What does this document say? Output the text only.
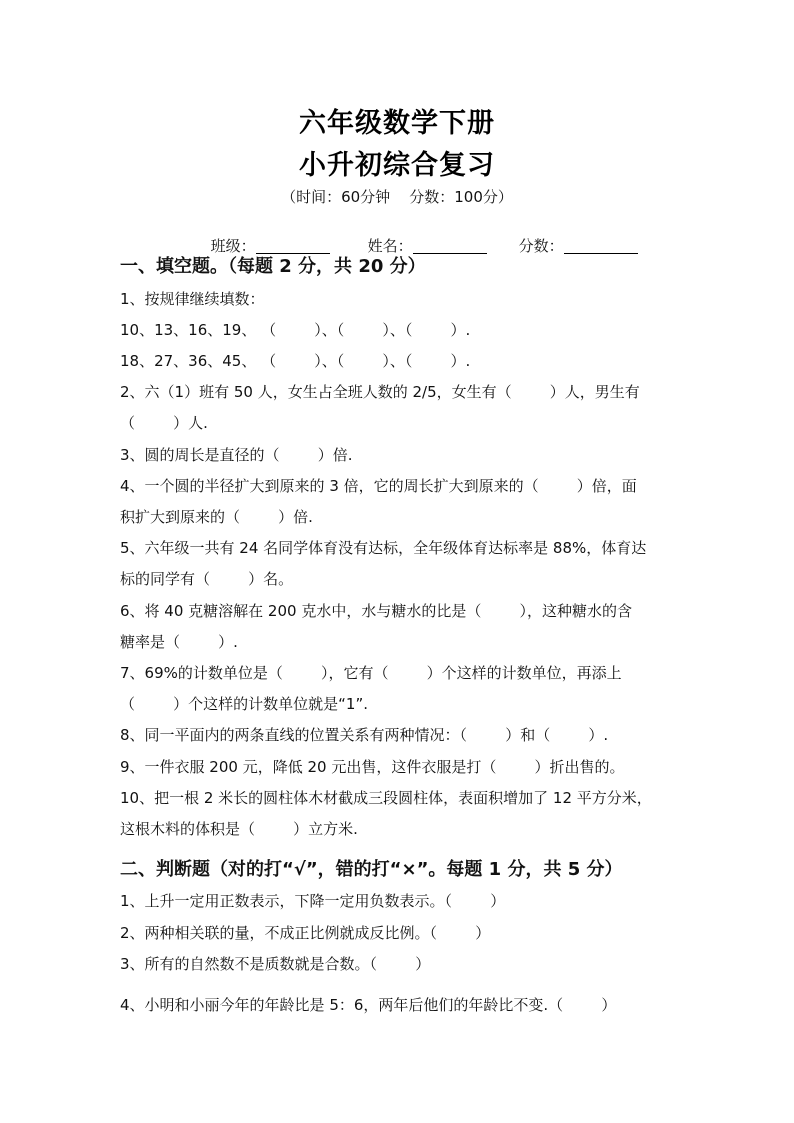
六年级数学下册
小升初综合复习
（时间：60分钟    分数：100分）

班级：
	姓名：
	分数：

一、填空题。（每题 2 分，共 20 分）
1、按规律继续填数：
10、13、16、19、 （        ）、（        ）、（        ）.
18、27、36、45、 （        ）、（        ）、（        ）.
2、六（1）班有 50 人，女生占全班人数的 2/5，女生有（        ）人，男生有
（        ）人.
3、圆的周长是直径的（        ）倍.
4、一个圆的半径扩大到原来的 3 倍，它的周长扩大到原来的（        ）倍，面
积扩大到原来的（        ）倍.
5、六年级一共有 24 名同学体育没有达标，全年级体育达标率是 88%，体育达
标的同学有（        ）名。
6、将 40 克糖溶解在 200 克水中，水与糖水的比是（        ），这种糖水的含
糖率是（        ）.
7、69%的计数单位是（        ），它有（        ）个这样的计数单位，再添上
（        ）个这样的计数单位就是“1”.
8、同一平面内的两条直线的位置关系有两种情况：（        ）和（        ）.
9、一件衣服 200 元，降低 20 元出售，这件衣服是打（        ）折出售的。
10、把一根 2 米长的圆柱体木材截成三段圆柱体，表面积增加了 12 平方分米，
这根木料的体积是（        ）立方米.
二、判断题（对的打“√”，错的打“×”。每题 1 分，共 5 分）
1、上升一定用正数表示，下降一定用负数表示。（        ）
2、两种相关联的量，不成正比例就成反比例。（        ）
3、所有的自然数不是质数就是合数。（        ）
4、小明和小丽今年的年龄比是 5：6，两年后他们的年龄比不变.（        ）
